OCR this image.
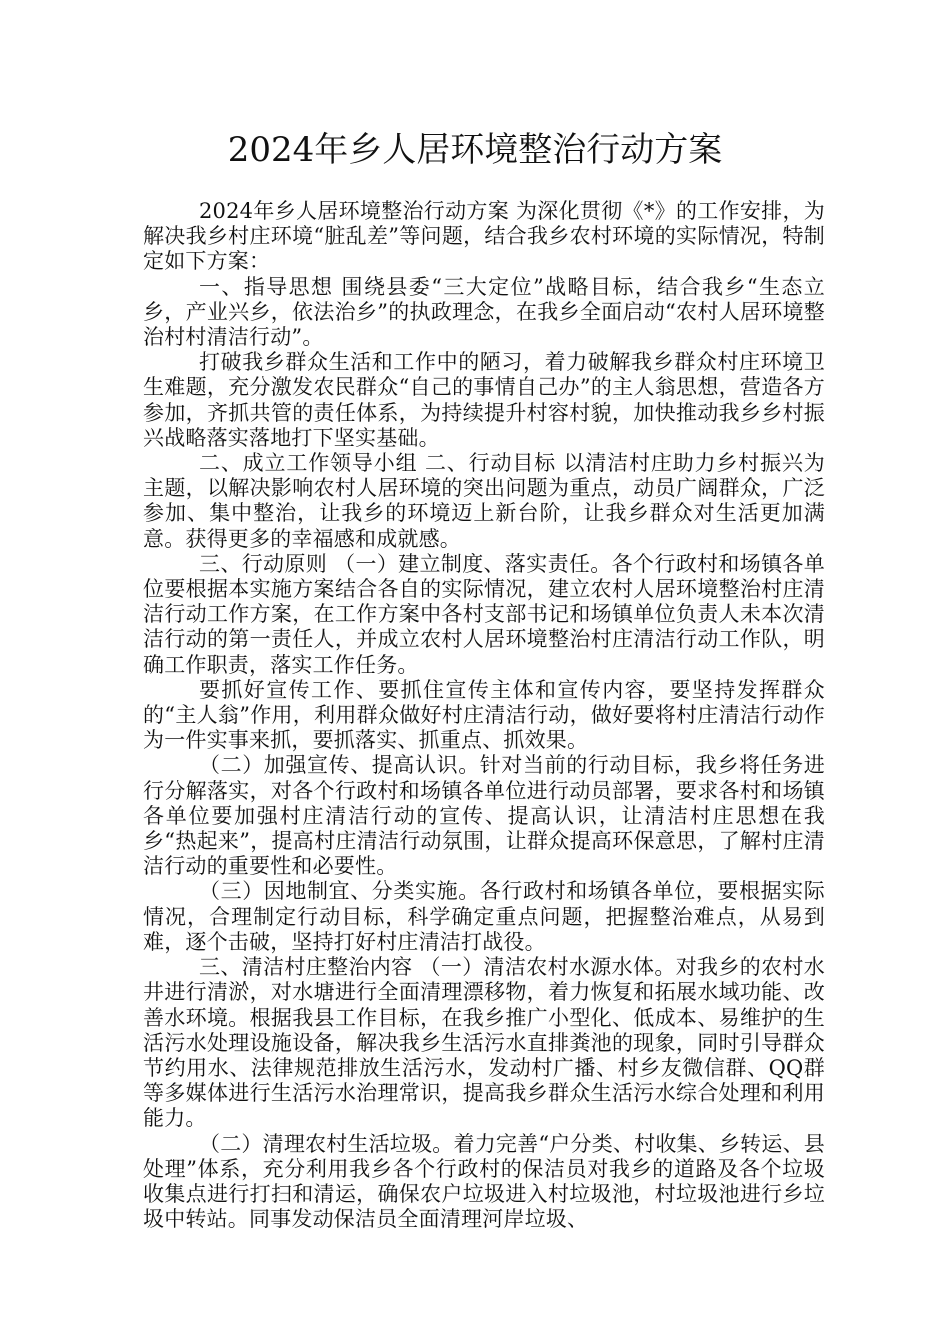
2024年乡人居环境整治行动方案

2024年乡人居环境整治行动方案 为深化贯彻《*》的工作安排，为解决我乡村庄环境“脏乱差”等问题，结合我乡农村环境的实际情况，特制定如下方案：

一、指导思想 围绕县委“三大定位”战略目标，结合我乡“生态立乡，产业兴乡，依法治乡”的执政理念，在我乡全面启动“农村人居环境整治村村清洁行动”。

打破我乡群众生活和工作中的陋习，着力破解我乡群众村庄环境卫生难题，充分激发农民群众“自己的事情自己办”的主人翁思想，营造各方参加，齐抓共管的责任体系，为持续提升村容村貌，加快推动我乡乡村振兴战略落实落地打下坚实基础。

二、成立工作领导小组 二、行动目标 以清洁村庄助力乡村振兴为主题，以解决影响农村人居环境的突出问题为重点，动员广阔群众，广泛参加、集中整治，让我乡的环境迈上新台阶，让我乡群众对生活更加满意。获得更多的幸福感和成就感。

三、行动原则 （一）建立制度、落实责任。各个行政村和场镇各单位要根据本实施方案结合各自的实际情况，建立农村人居环境整治村庄清洁行动工作方案，在工作方案中各村支部书记和场镇单位负责人未本次清洁行动的第一责任人，并成立农村人居环境整治村庄清洁行动工作队，明确工作职责，落实工作任务。

要抓好宣传工作、要抓住宣传主体和宣传内容，要坚持发挥群众的“主人翁”作用，利用群众做好村庄清洁行动，做好要将村庄清洁行动作为一件实事来抓，要抓落实、抓重点、抓效果。

（二）加强宣传、提高认识。针对当前的行动目标，我乡将任务进行分解落实，对各个行政村和场镇各单位进行动员部署，要求各村和场镇各单位要加强村庄清洁行动的宣传、提高认识，让清洁村庄思想在我乡“热起来”，提高村庄清洁行动氛围，让群众提高环保意思，了解村庄清洁行动的重要性和必要性。

（三）因地制宜、分类实施。各行政村和场镇各单位，要根据实际情况，合理制定行动目标，科学确定重点问题，把握整治难点，从易到难，逐个击破，坚持打好村庄清洁打战役。

三、清洁村庄整治内容 （一）清洁农村水源水体。对我乡的农村水井进行清淤，对水塘进行全面清理漂移物，着力恢复和拓展水域功能、改善水环境。根据我县工作目标，在我乡推广小型化、低成本、易维护的生活污水处理设施设备，解决我乡生活污水直排粪池的现象，同时引导群众节约用水、法律规范排放生活污水，发动村广播、村乡友微信群、QQ群等多媒体进行生活污水治理常识，提高我乡群众生活污水综合处理和利用能力。

（二）清理农村生活垃圾。着力完善“户分类、村收集、乡转运、县处理”体系，充分利用我乡各个行政村的保洁员对我乡的道路及各个垃圾收集点进行打扫和清运，确保农户垃圾进入村垃圾池，村垃圾池进行乡垃圾中转站。同事发动保洁员全面清理河岸垃圾、
